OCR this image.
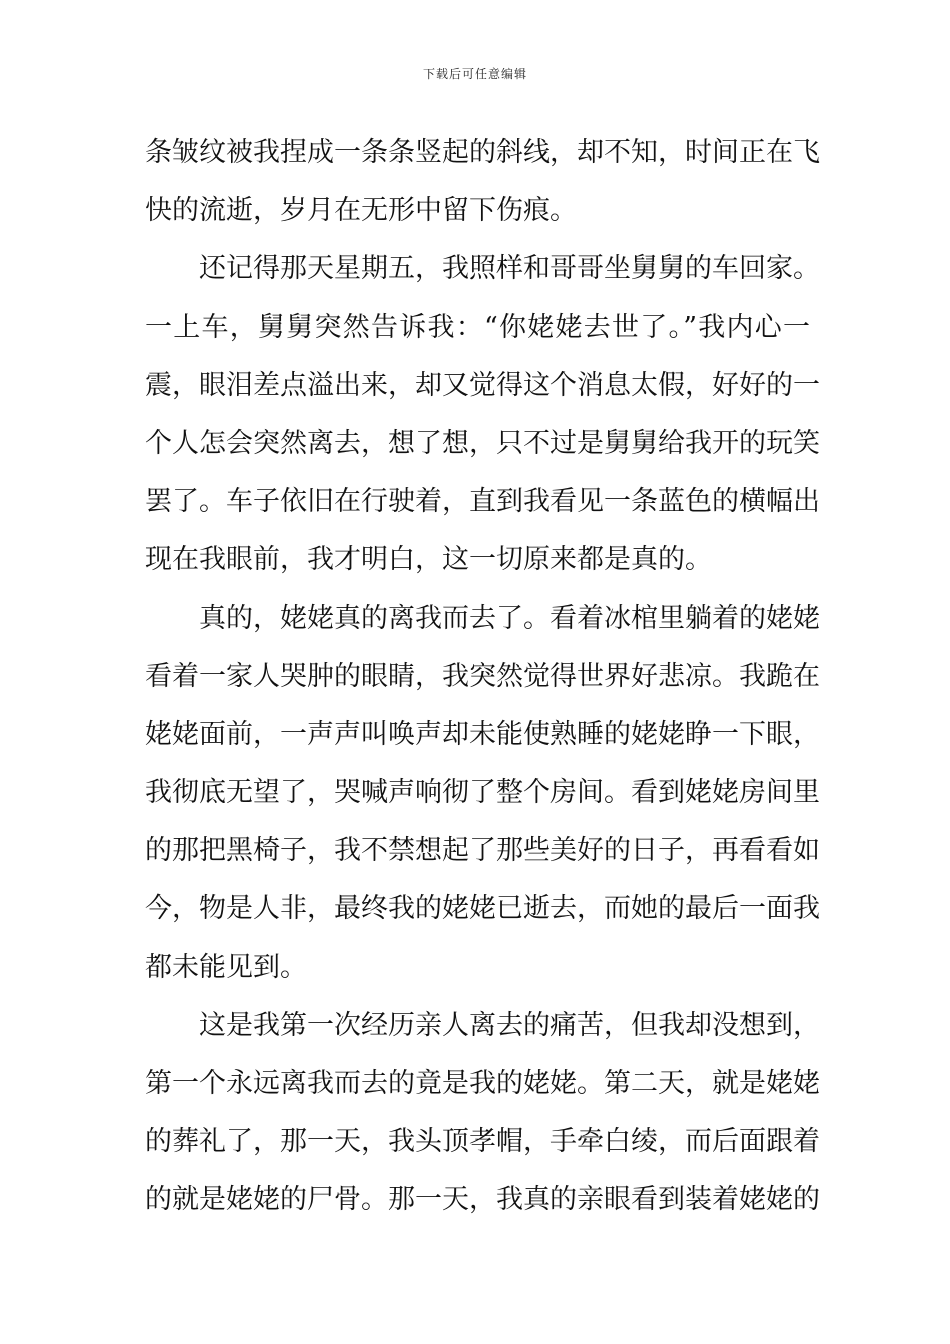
下载后可任意编辑
条皱纹被我捏成一条条竖起的斜线，却不知，时间正在飞
快的流逝，岁月在无形中留下伤痕。
还记得那天星期五，我照样和哥哥坐舅舅的车回家。
一上车，舅舅突然告诉我：“你姥姥去世了。”我内心一
震，眼泪差点溢出来，却又觉得这个消息太假，好好的一
个人怎会突然离去，想了想，只不过是舅舅给我开的玩笑
罢了。车子依旧在行驶着，直到我看见一条蓝色的横幅出
现在我眼前，我才明白，这一切原来都是真的。
真的，姥姥真的离我而去了。看着冰棺里躺着的姥姥
看着一家人哭肿的眼睛，我突然觉得世界好悲凉。我跪在
姥姥面前，一声声叫唤声却未能使熟睡的姥姥睁一下眼，
我彻底无望了，哭喊声响彻了整个房间。看到姥姥房间里
的那把黑椅子，我不禁想起了那些美好的日子，再看看如
今，物是人非，最终我的姥姥已逝去，而她的最后一面我
都未能见到。
这是我第一次经历亲人离去的痛苦，但我却没想到，
第一个永远离我而去的竟是我的姥姥。第二天，就是姥姥
的葬礼了，那一天，我头顶孝帽，手牵白绫，而后面跟着
的就是姥姥的尸骨。那一天，我真的亲眼看到装着姥姥的
